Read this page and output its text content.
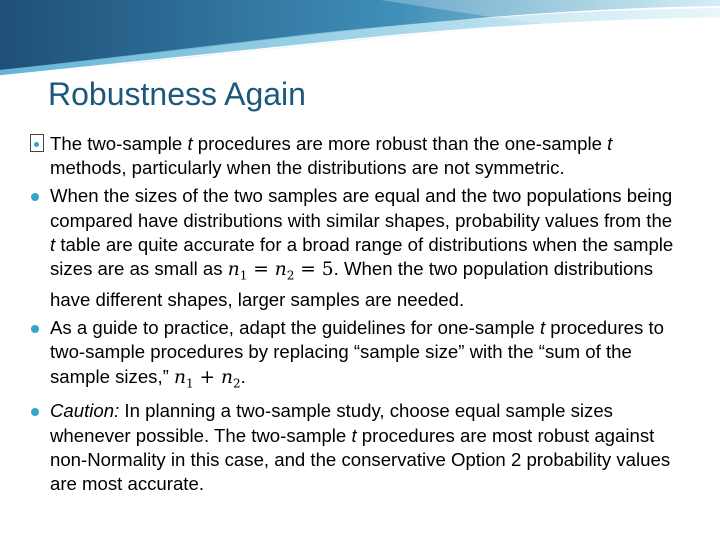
Robustness Again
The two-sample t procedures are more robust than the one-sample t methods, particularly when the distributions are not symmetric.
When the sizes of the two samples are equal and the two populations being compared have distributions with similar shapes, probability values from the t table are quite accurate for a broad range of distributions when the sample sizes are as small as $n_1 = n_2 = 5$. When the two population distributions have different shapes, larger samples are needed.
As a guide to practice, adapt the guidelines for one-sample t procedures to two-sample procedures by replacing “sample size” with the “sum of the sample sizes,” $n_1 + n_2$.
Caution: In planning a two-sample study, choose equal sample sizes whenever possible. The two-sample t procedures are most robust against non-Normality in this case, and the conservative Option 2 probability values are most accurate.
